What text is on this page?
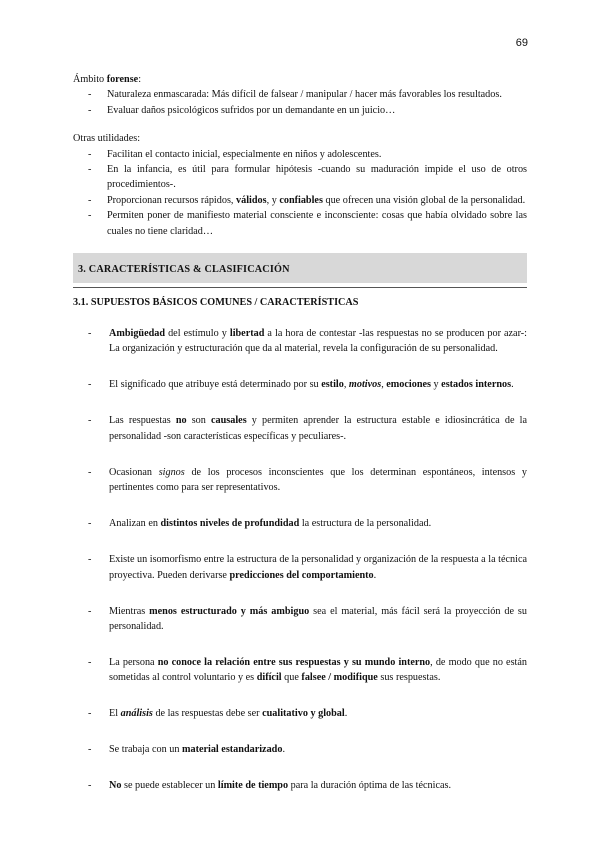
69

Ámbito forense:

- Naturaleza enmascarada: Más difícil de falsear / manipular / hacer más favorables los resultados.
- Evaluar daños psicológicos sufridos por un demandante en un juicio…

Otras utilidades:

- Facilitan el contacto inicial, especialmente en niños y adolescentes.
- En la infancia, es útil para formular hipótesis -cuando su maduración impide el uso de otros procedimientos-.
- Proporcionan recursos rápidos, válidos, y confiables que ofrecen una visión global de la personalidad.
- Permiten poner de manifiesto material consciente e inconsciente: cosas que había olvidado sobre las cuales no tiene claridad…
3. CARACTERÍSTICAS & CLASIFICACIÓN
3.1. SUPUESTOS BÁSICOS COMUNES / CARACTERÍSTICAS
- Ambigüedad del estímulo y libertad a la hora de contestar -las respuestas no se producen por azar-: La organización y estructuración que da al material, revela la configuración de su personalidad.
- El significado que atribuye está determinado por su estilo, motivos, emociones y estados internos.
- Las respuestas no son causales y permiten aprender la estructura estable e idiosincrática de la personalidad -son características específicas y peculiares-.
- Ocasionan signos de los procesos inconscientes que los determinan espontáneos, intensos y pertinentes como para ser representativos.
- Analizan en distintos niveles de profundidad la estructura de la personalidad.
- Existe un isomorfismo entre la estructura de la personalidad y organización de la respuesta a la técnica proyectiva. Pueden derivarse predicciones del comportamiento.
- Mientras menos estructurado y más ambiguo sea el material, más fácil será la proyección de su personalidad.
- La persona no conoce la relación entre sus respuestas y su mundo interno, de modo que no están sometidas al control voluntario y es difícil que falsee / modifique sus respuestas.
- El análisis de las respuestas debe ser cualitativo y global.
- Se trabaja con un material estandarizado.
- No se puede establecer un límite de tiempo para la duración óptima de las técnicas.
